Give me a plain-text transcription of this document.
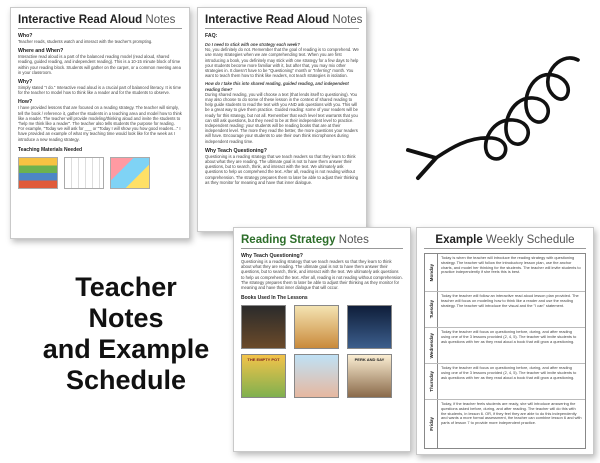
Interactive Read Aloud Notes
Who?
Teacher reads, students watch and interact with the teacher's prompting.
Where and When?
Interactive read aloud is a part of the balanced reading model (read aloud, shared reading, guided reading, and independent reading). This is a 10-15 minute block of time within your reading block. Students will gather on the carpet, or a common meeting area in your classroom.
Why?
Simply stated "I do." Interactive read aloud is a crucial part of balanced literacy. It is time for the teacher to model how to think like a reader and for the students to observe.
How?
I have provided lessons that are focused on a reading strategy. The teacher will simply, tell the book / reference it, gather the students in a teaching area and model how to think like a reader. The teacher will provide modeling/thinking aloud and invite the students to "help me think like a reader". The teacher also tells students the purpose for reading. For example, "Today we will ask for ___ or "Today I will show you how good readers..." I have provided an example of what my teaching time would look like for the week as I introduce a new reading strategy.
Teaching Materials Needed
Interactive Read Aloud Notes
FAQ:
Do I need to stick with one strategy each week?
No, you definitely do not. Remember that the goal of reading is to comprehend. We use many strategies when we are comprehending text. When you are first introducing a book, you definitely may stick with one strategy for a few days to help your students become more familiar with it, but after that, you may mix other strategies in. It doesn't have to be "Questioning" month or "Inferring" month. You want to teach them how to think like readers, not teach strategies in isolation.
How do I take this into shared reading, guided reading, and independent reading time?
During shared reading, you will choose a text (that lends itself to questioning). You may also choose to do some of these lesson in the context of shared reading to help guide students to read the text with you AND ask questions with you. This will be a great way to give them practice. Guided reading: some of your readers will be ready for this strategy, but not all. Remember that each level text warrants that you can still ask questions, but they need to be at their independent level to practice. Independent reading: your students will be reading books that are at their independent level. The more they read the better, the more questions your readers will have. Encourage your students to use their own think microphones during independent reading time.
Why Teach Questioning?
Questioning is a reading strategy that we teach readers so that they learn to think about what they are reading. The ultimate goal is not to have them answer their questions, but to search, think, and interact with the text. We ultimately ask questions to help us comprehend the text. After all, reading is not reading without comprehension. The strategy prepares them to later be able to adjust their thinking as they monitor for meaning and have that inner dialogue.
Reading Strategy Notes
Why Teach Questioning?
Questioning is a reading strategy that we teach readers so that they learn to think about what they are reading. The ultimate goal is not to have them answer their questions, but to search, think, and interact with the text. We ultimately ask questions to help us comprehend the text. After all, reading is not reading without comprehension. The strategy prepares them to later be able to adjust their thinking as they monitor for meaning and have that inner dialogue that will occur.
Books Used In The Lessons
THE EMPTY POT	PERK AND SAY
Example Weekly Schedule
Monday
Today is when the teacher will introduce the reading strategy with questioning strategy. The teacher will follow the introductory lesson plan, use the anchor charts, and model her thinking for the students. The teacher will invite students to practice independently if she feels this is best.
Tuesday
Today the teacher will follow an interactive read aloud lesson plan provided. The teacher will focus on modeling how to think like a reader and use the reading strategy. The teacher will introduce the visual and the "I can" statement.
Wednesday
Today the teacher will focus on questioning before, during, and after reading using one of the 3 lessons provided (2, 4, 5). The teacher will invite students to ask questions with her as they read aloud a book that will grow a questioning.
Thursday
Today the teacher will focus on questioning before, during, and after reading using one of the 3 lessons provided (2, 4, 5). The teacher will invite students to ask questions with her as they read aloud a book that will grow a questioning.
Friday
Today, if the teacher feels students are ready, she will introduce answering the questions asked before, during, and after reading. The teacher will do this with the students, in lesson 6. OR, if they feel they are able to do this independently and wants a more formal assessment, the teacher can combine lesson 6 and with parts of lesson 7 to provide more independent practice.
Teacher
Notes
and Example
Schedule
